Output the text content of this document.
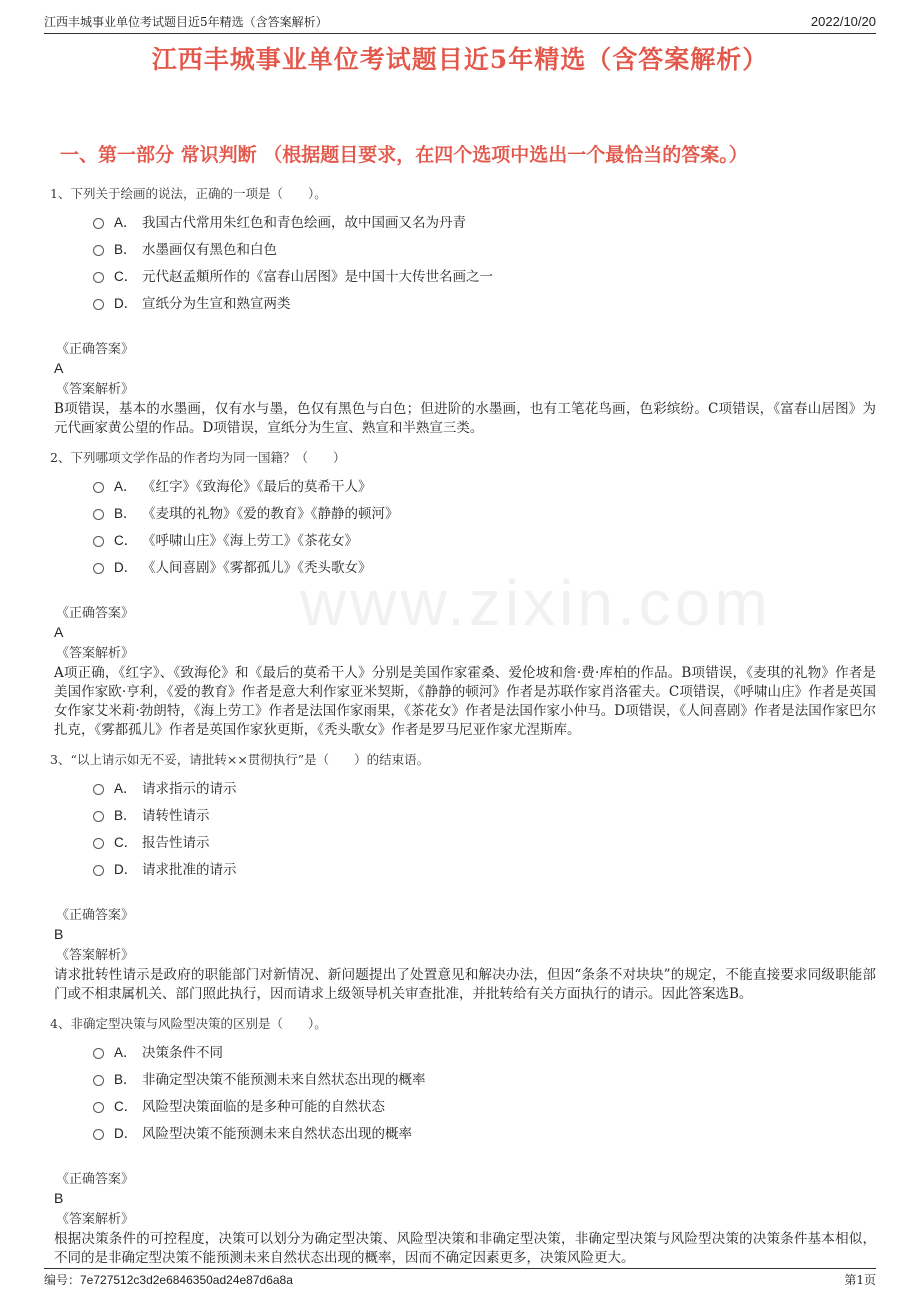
江西丰城事业单位考试题目近5年精选（含答案解析）	2022/10/20
江西丰城事业单位考试题目近5年精选（含答案解析）
一、第一部分 常识判断 （根据题目要求，在四个选项中选出一个最恰当的答案。）
www.zixin.com
1、下列关于绘画的说法，正确的一项是（　　）。
A． 我国古代常用朱红色和青色绘画，故中国画又名为丹青
B． 水墨画仅有黑色和白色
C． 元代赵孟頫所作的《富春山居图》是中国十大传世名画之一
D． 宣纸分为生宣和熟宣两类
《正确答案》
A
《答案解析》
B项错误，基本的水墨画，仅有水与墨，色仅有黑色与白色；但进阶的水墨画，也有工笔花鸟画，色彩缤纷。C项错误，《富春山居图》为元代画家黄公望的作品。D项错误，宣纸分为生宣、熟宣和半熟宣三类。
2、下列哪项文学作品的作者均为同一国籍？（　　）
A． 《红字》《致海伦》《最后的莫希干人》
B． 《麦琪的礼物》《爱的教育》《静静的顿河》
C． 《呼啸山庄》《海上劳工》《茶花女》
D． 《人间喜剧》《雾都孤儿》《秃头歌女》
《正确答案》
A
《答案解析》
A项正确，《红字》、《致海伦》和《最后的莫希干人》分别是美国作家霍桑、爱伦坡和詹·费·库柏的作品。B项错误，《麦琪的礼物》作者是美国作家欧·亨利，《爱的教育》作者是意大利作家亚米契斯，《静静的顿河》作者是苏联作家肖洛霍夫。C项错误，《呼啸山庄》作者是英国女作家艾米莉·勃朗特，《海上劳工》作者是法国作家雨果，《茶花女》作者是法国作家小仲马。D项错误，《人间喜剧》作者是法国作家巴尔扎克，《雾都孤儿》作者是英国作家狄更斯，《秃头歌女》作者是罗马尼亚作家尤涅斯库。
3、“以上请示如无不妥，请批转××贯彻执行”是（　　）的结束语。
A． 请求指示的请示
B． 请转性请示
C． 报告性请示
D． 请求批准的请示
《正确答案》
B
《答案解析》
请求批转性请示是政府的职能部门对新情况、新问题提出了处置意见和解决办法，但因“条条不对块块”的规定，不能直接要求同级职能部门或不相隶属机关、部门照此执行，因而请求上级领导机关审查批准，并批转给有关方面执行的请示。因此答案选B。
4、非确定型决策与风险型决策的区别是（　　）。
A． 决策条件不同
B． 非确定型决策不能预测未来自然状态出现的概率
C． 风险型决策面临的是多种可能的自然状态
D． 风险型决策不能预测未来自然状态出现的概率
《正确答案》
B
《答案解析》
根据决策条件的可控程度，决策可以划分为确定型决策、风险型决策和非确定型决策，非确定型决策与风险型决策的决策条件基本相似，不同的是非确定型决策不能预测未来自然状态出现的概率，因而不确定因素更多，决策风险更大。
编号：7e727512c3d2e6846350ad24e87d6a8a	第1页
